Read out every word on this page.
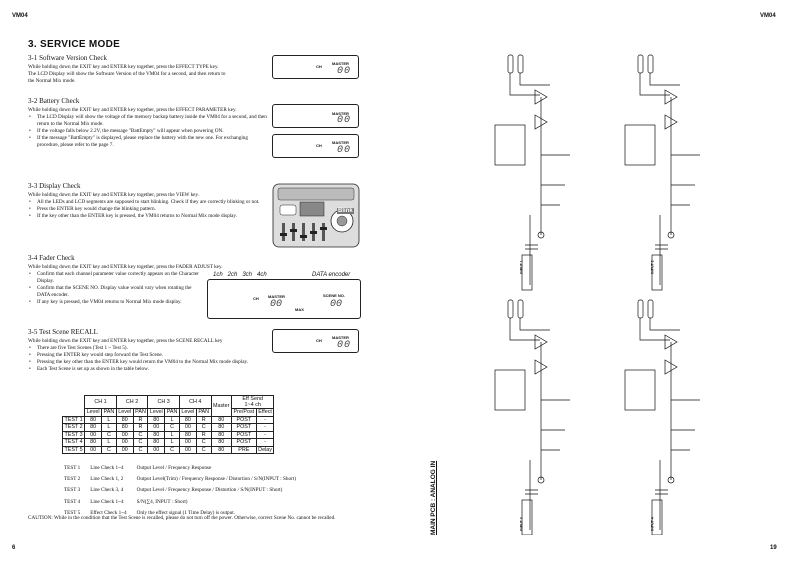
VM04	VM04
3. SERVICE MODE
3-1 Software Version Check
While holding down the EXIT key and ENTER key together, press the EFFECT TYPE key.
The LCD Display will show the Software Version of the VM04 for a second, and then return to
the Normal Mix mode.
3-2 Battery Check
While holding down the EXIT key and ENTER key together, press the EFFECT PARAMETER key.
• The LCD Display will show the voltage of the memory backup battery inside the VM04 for a second, and then return to the Normal Mix mode.
• If the voltage falls below 2.2V, the message "BattEmpty" will appear when powering ON.
• If the message "BattEmpty" is displayed, please replace the battery with the new one. For exchanging procedure, please refer to the page 7.
3-3 Display Check
While holding down the EXIT key and ENTER key together, press the VIEW key.
• All the LEDs and LCD segments are supposed to start blinking. Check if they are correctly blinking or not.
• Press the ENTER key would change the blinking pattern.
• If the key other than the ENTER key is pressed, the VM04 returns to Normal Mix mode display.
3-4 Fader Check
While holding down the EXIT key and ENTER key together, press the FADER ADJUST key.
• Confirm that each channel parameter value correctly appears on the Character Display.
• Confirm that the SCENE NO. Display value would vary when rotating the DATA encoder.
• If any key is pressed, the VM04 returns to Normal Mix mode display.
3-5 Test Scene RECALL
While holding down the EXIT key and ENTER key together, press the SCENE RECALL key
• There are five Test Scenes (Test 1 ~ Test 5).
• Pressing the ENTER key would step forward the Test Scene.
• Pressing the key other than the ENTER key would return the VM04 to the Normal Mix mode display.
• Each Test Scene is set up as shown in the table below.
CH
MASTER
00
MASTER
00
CH
MASTER
00
CH
MASTER
00
Blink
1ch   2ch   3ch   4ch	DATA encoder
CH MASTER
00	MAX
SCENE NO.
00
	CH 1		CH 2		CH 3		CH 4		Master	Eff Send
1~4 ch	
	Level	PAN	Level	PAN	Level	PAN	Level	PAN		Pre/Post	Effect
TEST 1	80	L	80	R	80	L	80	R	80	POST	-
TEST 2	80	L	80	R	00	C	00	C	80	POST	-
TEST 3	00	C	00	C	80	L	80	R	80	POST	-
TEST 4	80	L	00	C	80	L	00	C	80	POST	-
TEST 5	00	C	00	C	00	C	00	C	80	PRE	Delay
TEST 1	Line Check 1~4	Output Level / Frequency Response
TEST 2	Line Check 1, 2	Output Level(Trim) / Frequency Response / Distortion / S/N(INPUT : Short)
TEST 3	Line Check 3, 4	Output Level / Frequency Response / Distortion / S/N(INPUT : Short)
TEST 4	Line Check 1~4	S/N(∑4, INPUT : Short)
TEST 5	Effect Check 1~4	Only the effect signal (1 Time Delay) is output.
CAUTION: While in the condition that the Test Scene is recalled, please do not turn off the power. Otherwise, correct Scene No. cannot be recalled.	MAIN PCB : ANALOG IN
INPUT 1	INPUT 2
INPUT 3	INPUT 4
6	19
